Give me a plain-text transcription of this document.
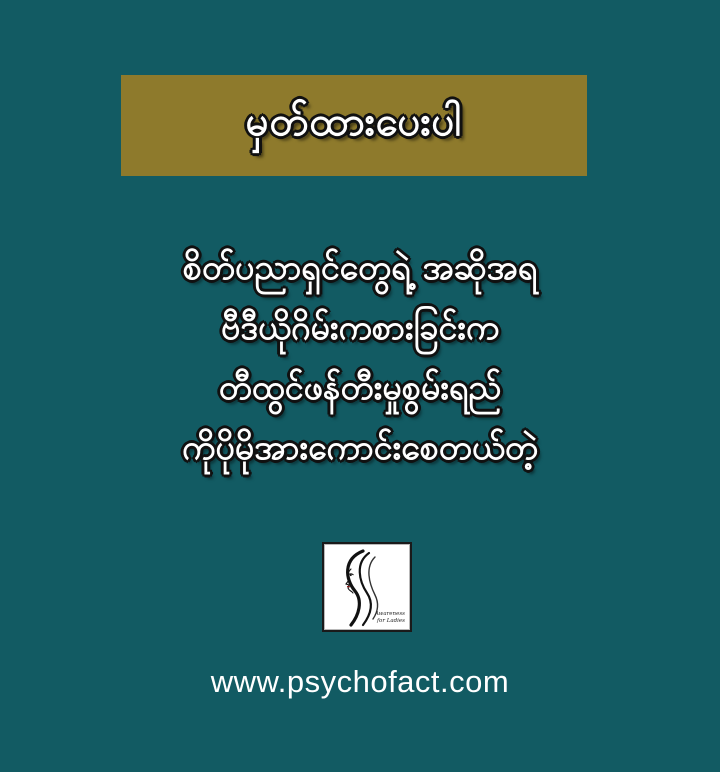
မှတ်ထားပေးပါ
စိတ်ပညာရှင်တွေရဲ့ အဆိုအရ
ဗီဒီယိုဂိမ်းကစားခြင်းက
တီထွင်ဖန်တီးမှုစွမ်းရည်
ကိုပိုမိုအားကောင်းစေတယ်တဲ့
Awareness
for Ladies
www.psychofact.com
